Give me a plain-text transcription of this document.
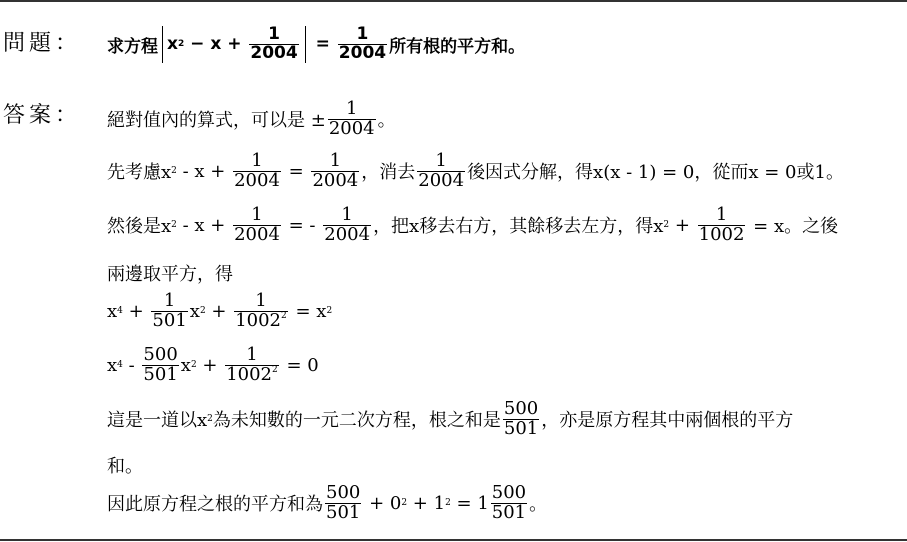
問題： 求方程 x $2 - x + \frac{1}{2004} = \frac{1}{2004}$ 所有根的平方和。
答案： 絕對值內的算式，可以是 ± $\frac{1}{2004}$ 。
先考慮x $2 - x + \frac{1}{2004} = \frac{1}{2004}$ ，消去 $\frac{1}{2004}$ 後因式分解，得x(x - 1) = 0，從而x = 0或1。
然後是x $2 - x + \frac{1}{2004}$ = - $\frac{1}{2004}$ ，把x移去右方，其餘移去左方，得x $2 + \frac{1}{1002} = x$。之後
兩邊取平方，得
x $4 + \frac{1}{501}$ x $2 + \frac{1}{1002^2} = x$ 2
x $4 - \frac{500}{501}$ x $2 + \frac{1}{1002^2} = 0$
這是一道以x 2 為未知數的一元二次方程，根之和是 $\frac{500}{501}$ ，亦是原方程其中兩個根的平方
和。
因此原方程之根的平方和為 $\frac{500}{501} + 0$ 2 + 1 $2 = 1 \frac{500}{501}$ 。
